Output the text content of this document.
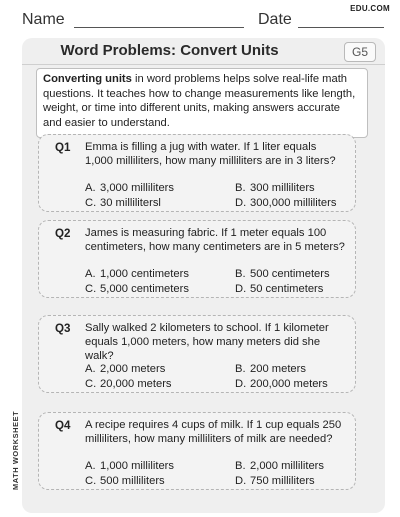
Name	Date
EDU.COM
MATH WORKSHEET
Word Problems: Convert Units	G5
Converting units in word problems helps solve real-life math questions. It teaches how to change measurements like length, weight, or time into different units, making answers accurate and easier to understand.
Q1 Emma is filling a jug with water. If 1 liter equals 1,000 milliliters, how many milliliters are in 3 liters?
A. 3,000 milliliters	B. 300 milliliters
C. 30 millilitersl	D. 300,000 milliliters
Q2 James is measuring fabric. If 1 meter equals 100 centimeters, how many centimeters are in 5 meters?
A. 1,000 centimeters	B. 500 centimeters
C. 5,000 centimeters	D. 50 centimeters
Q3 Sally walked 2 kilometers to school. If 1 kilometer equals 1,000 meters, how many meters did she walk?
A. 2,000 meters	B. 200 meters
C. 20,000 meters	D. 200,000 meters
Q4 A recipe requires 4 cups of milk. If 1 cup equals 250 milliliters, how many milliliters of milk are needed?
A. 1,000 milliliters	B. 2,000 milliliters
C. 500 milliliters	D. 750 milliliters
